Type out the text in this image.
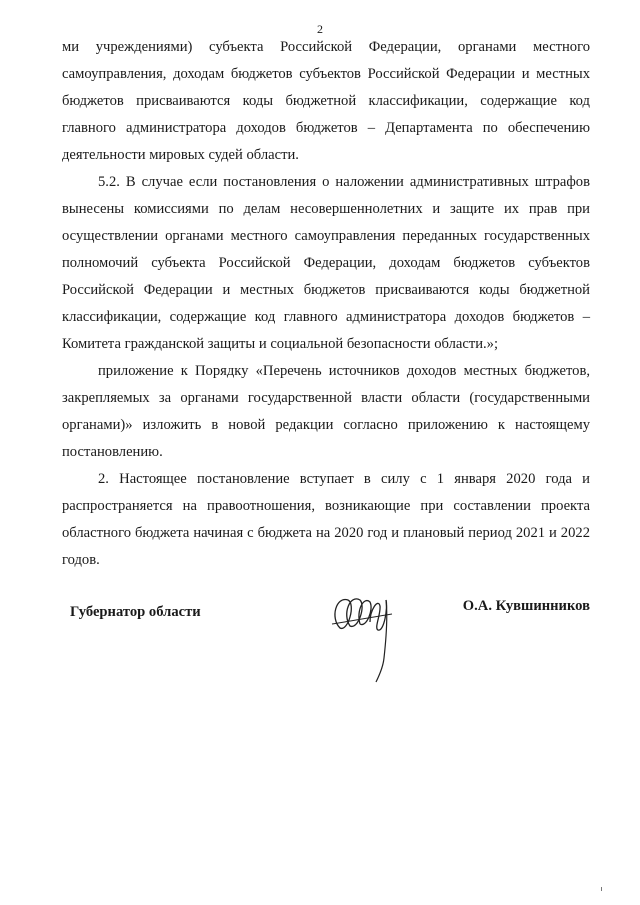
2

ми учреждениями) субъекта Российской Федерации, органами местного самоуправления, доходам бюджетов субъектов Российской Федерации и местных бюджетов присваиваются коды бюджетной классификации, содержащие код главного администратора доходов бюджетов – Департамента по обеспечению деятельности мировых судей области.

5.2. В случае если постановления о наложении административных штрафов вынесены комиссиями по делам несовершеннолетних и защите их прав при осуществлении органами местного самоуправления переданных государственных полномочий субъекта Российской Федерации, доходам бюджетов субъектов Российской Федерации и местных бюджетов присваиваются коды бюджетной классификации, содержащие код главного администратора доходов бюджетов – Комитета гражданской защиты и социальной безопасности области.»;

приложение к Порядку «Перечень источников доходов местных бюджетов, закрепляемых за органами государственной власти области (государственными органами)» изложить в новой редакции согласно приложению к настоящему постановлению.

2. Настоящее постановление вступает в силу с 1 января 2020 года и распространяется на правоотношения, возникающие при составлении проекта областного бюджета начиная с бюджета на 2020 год и плановый период 2021 и 2022 годов.

Губернатор области	О.А. Кувшинников
